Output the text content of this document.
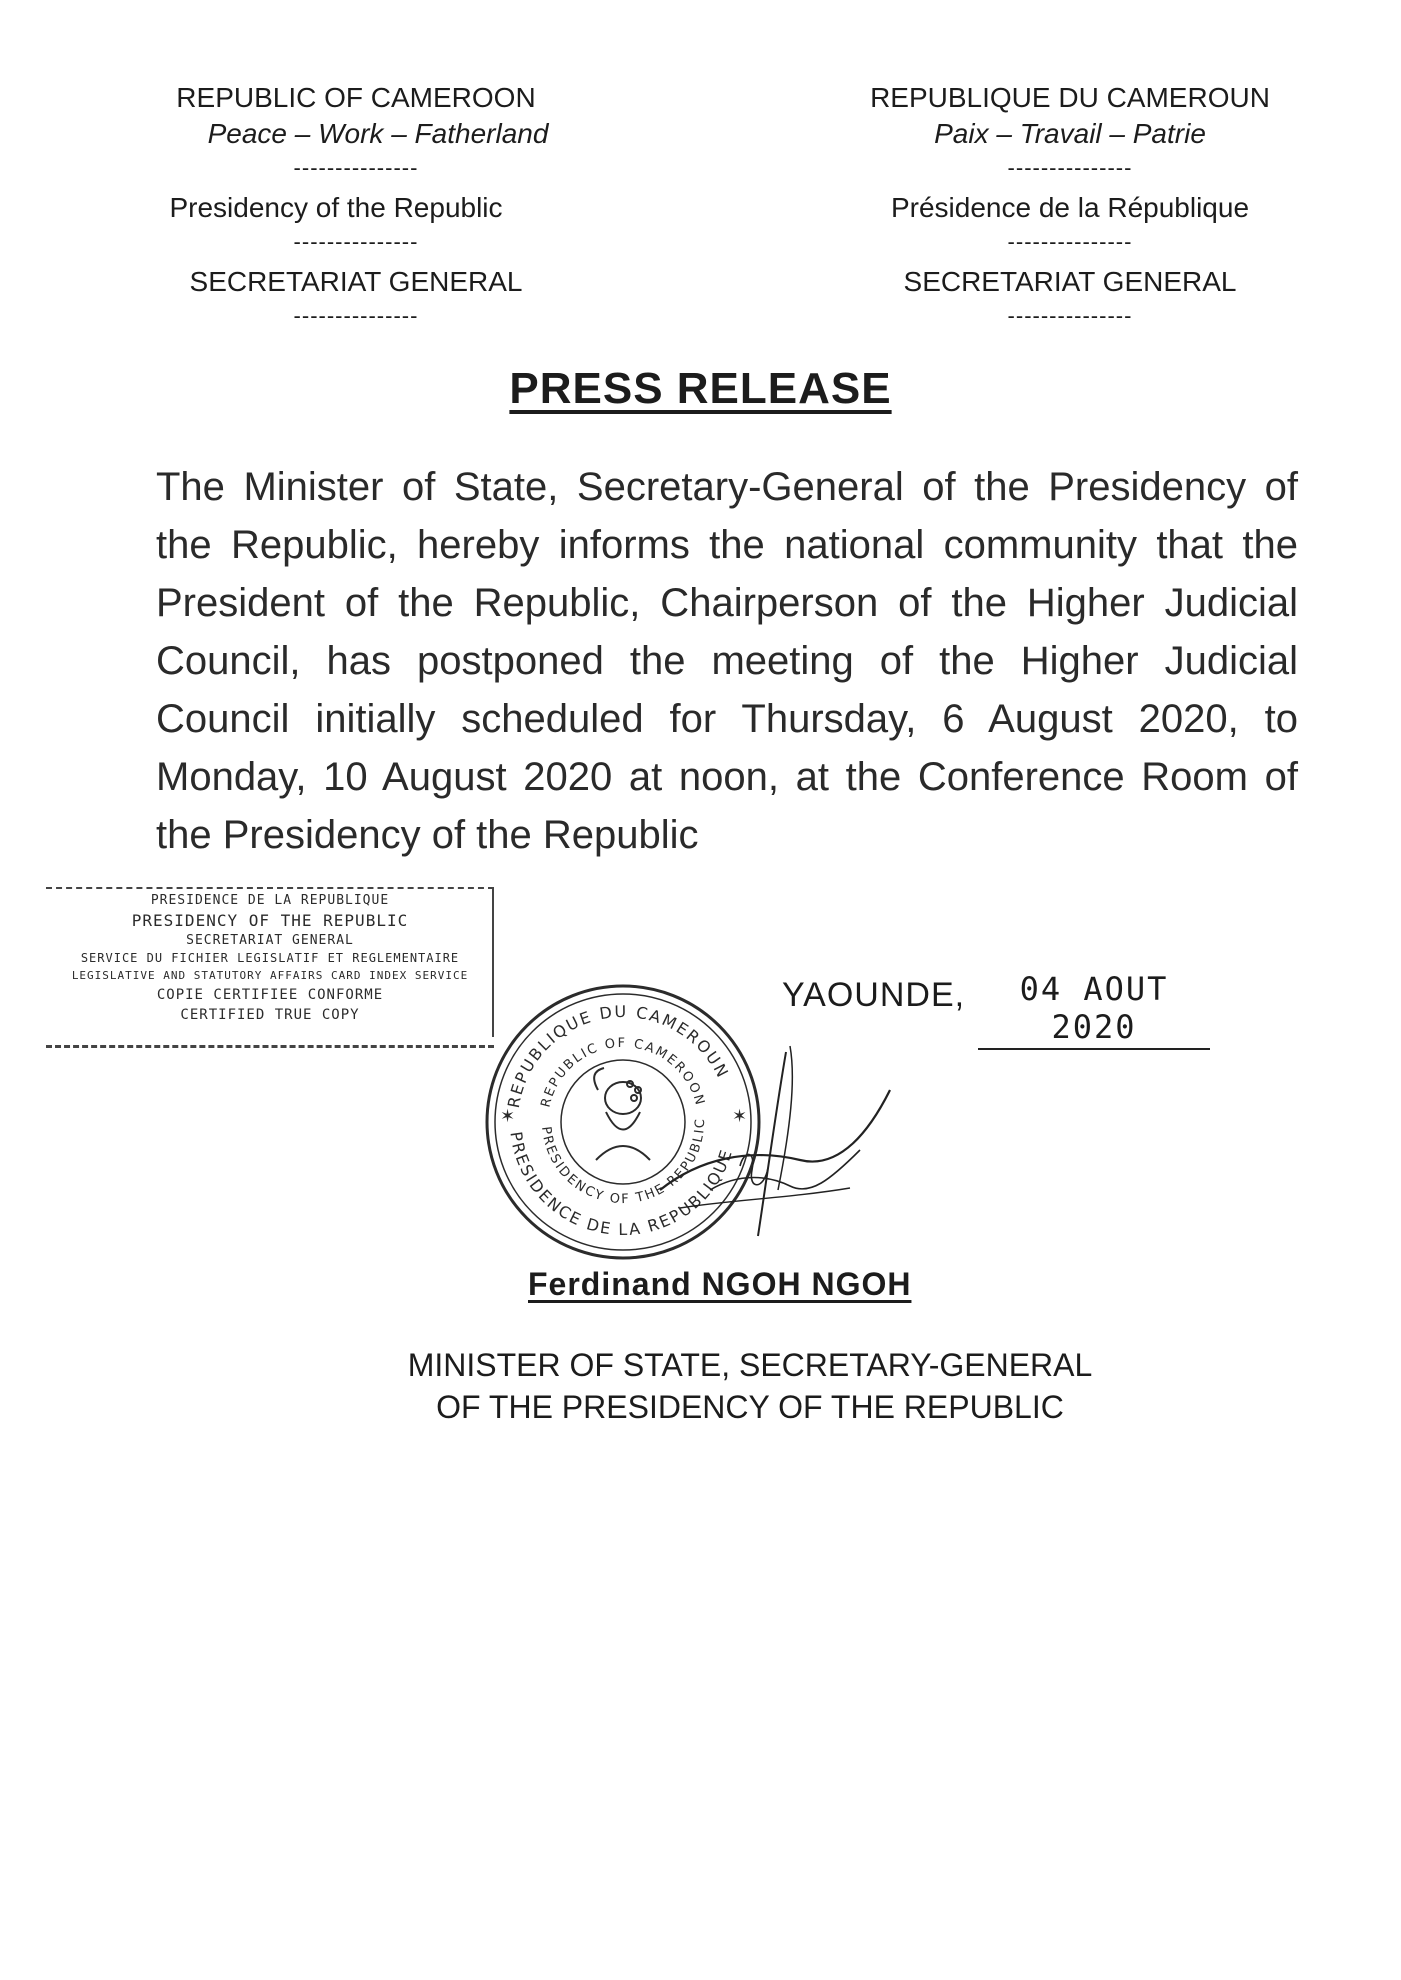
REPUBLIC OF CAMEROON
Peace – Work – Fatherland
---------------
Presidency of the Republic
---------------
SECRETARIAT GENERAL
---------------
REPUBLIQUE DU CAMEROUN
Paix – Travail – Patrie
---------------
Présidence de la République
---------------
SECRETARIAT GENERAL
---------------
PRESS RELEASE
The Minister of State, Secretary-General of the Presidency of the Republic, hereby informs the national community that the President of the Republic, Chairperson of the Higher Judicial Council, has postponed the meeting of the Higher Judicial Council initially scheduled for Thursday, 6 August 2020, to Monday, 10 August 2020 at noon, at the Conference Room of the Presidency of the Republic
PRESIDENCE DE LA REPUBLIQUE
PRESIDENCY OF THE REPUBLIC
SECRETARIAT GENERAL
SERVICE DU FICHIER LEGISLATIF ET REGLEMENTAIRE
LEGISLATIVE AND STATUTORY AFFAIRS CARD INDEX SERVICE
COPIE CERTIFIEE CONFORME
CERTIFIED TRUE COPY
YAOUNDE,	04 AOUT 2020
REPUBLIQUE DU CAMEROUN
REPUBLIC OF CAMEROON
PRESIDENCE DE LA REPUBLIQUE
PRESIDENCY OF THE REPUBLIC
✶	✶
Ferdinand NGOH NGOH
MINISTER OF STATE, SECRETARY-GENERAL
OF THE PRESIDENCY OF THE REPUBLIC
